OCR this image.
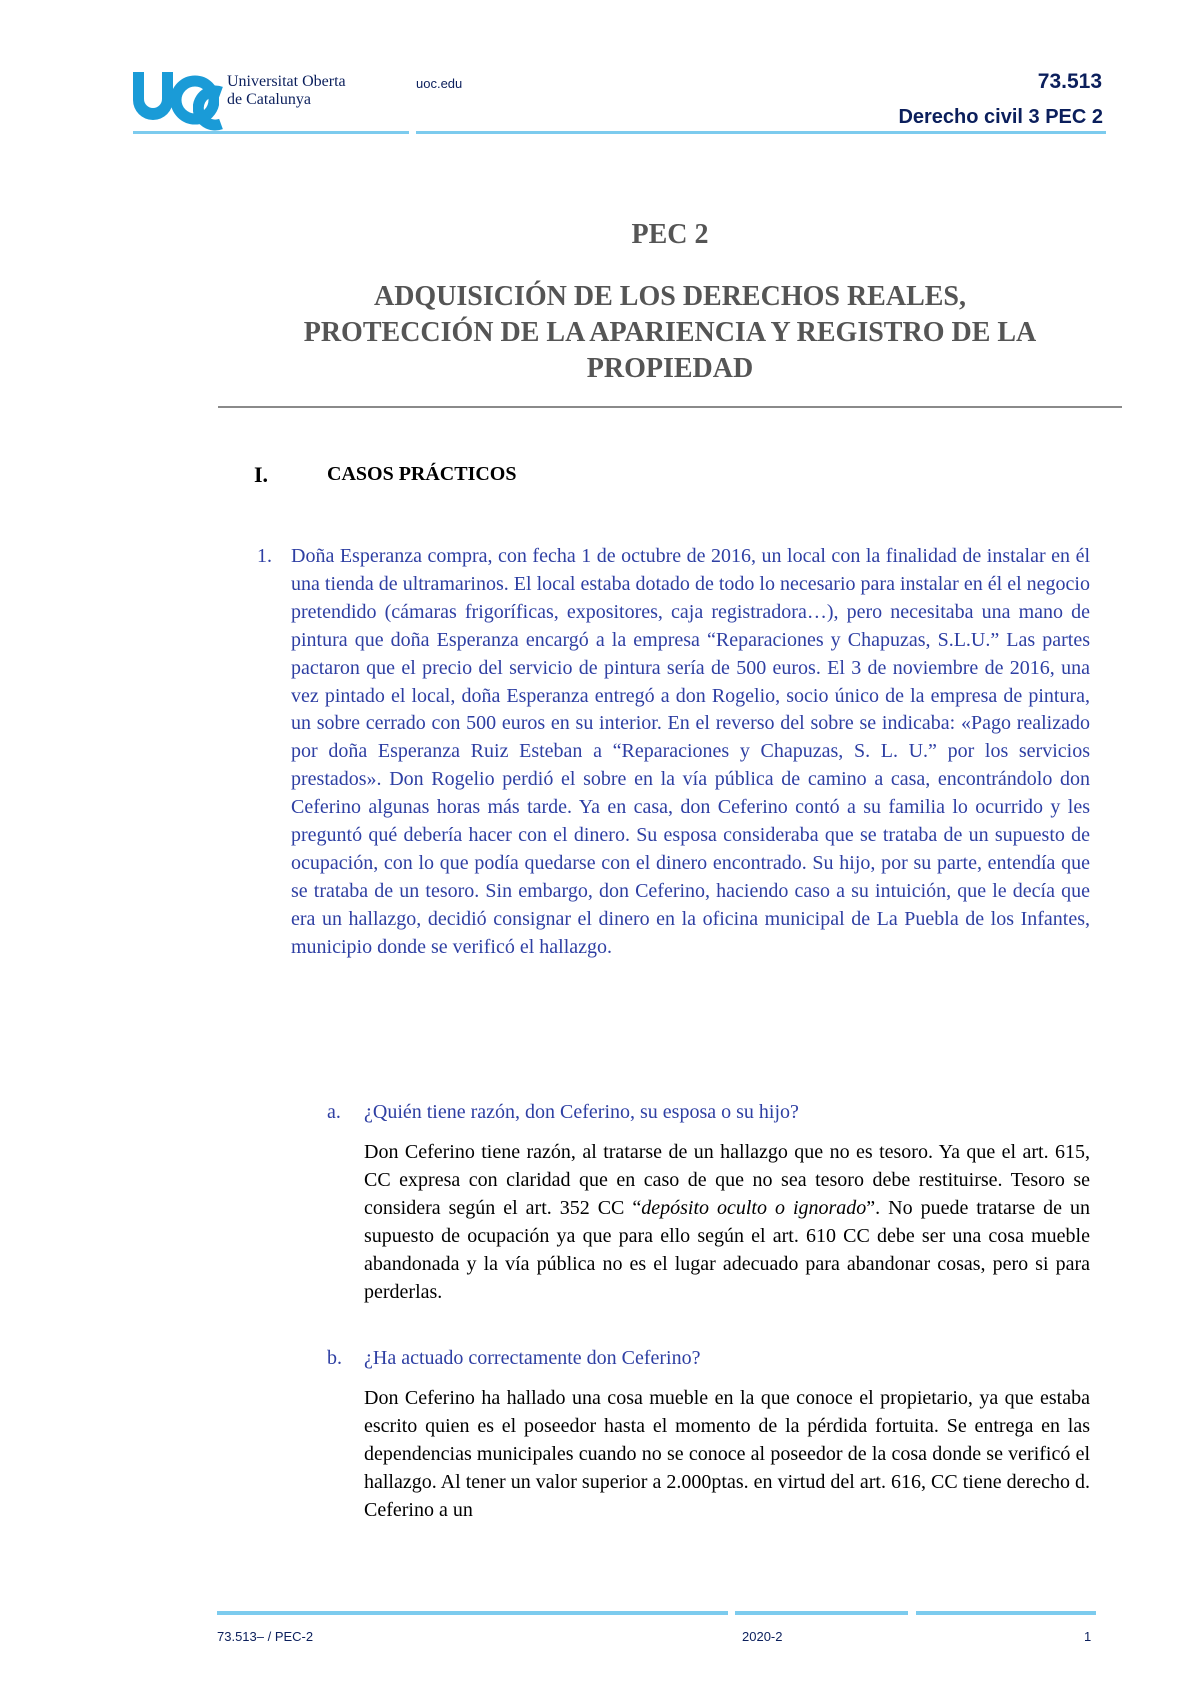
Universitat Oberta
de Catalunya
uoc.edu	73.513
Derecho civil 3 PEC 2
PEC 2
ADQUISICIÓN DE LOS DERECHOS REALES,
PROTECCIÓN DE LA APARIENCIA Y REGISTRO DE LA
PROPIEDAD
I.	CASOS PRÁCTICOS
1. Doña Esperanza compra, con fecha 1 de octubre de 2016, un local con la finalidad de instalar en él una tienda de ultramarinos. El local estaba dotado de todo lo necesario para instalar en él el negocio pretendido (cámaras frigoríficas, expositores, caja registradora…), pero necesitaba una mano de pintura que doña Esperanza encargó a la empresa “Reparaciones y Chapuzas, S.L.U.” Las partes pactaron que el precio del servicio de pintura sería de 500 euros. El 3 de noviembre de 2016, una vez pintado el local, doña Esperanza entregó a don Rogelio, socio único de la empresa de pintura, un sobre cerrado con 500 euros en su interior. En el reverso del sobre se indicaba: «Pago realizado por doña Esperanza Ruiz Esteban a “Reparaciones y Chapuzas, S. L. U.” por los servicios prestados». Don Rogelio perdió el sobre en la vía pública de camino a casa, encontrándolo don Ceferino algunas horas más tarde. Ya en casa, don Ceferino contó a su familia lo ocurrido y les preguntó qué debería hacer con el dinero. Su esposa consideraba que se trataba de un supuesto de ocupación, con lo que podía quedarse con el dinero encontrado. Su hijo, por su parte, entendía que se trataba de un tesoro. Sin embargo, don Ceferino, haciendo caso a su intuición, que le decía que era un hallazgo, decidió consignar el dinero en la oficina municipal de La Puebla de los Infantes, municipio donde se verificó el hallazgo.

a. ¿Quién tiene razón, don Ceferino, su esposa o su hijo?

Don Ceferino tiene razón, al tratarse de un hallazgo que no es tesoro. Ya que el art. 615, CC expresa con claridad que en caso de que no sea tesoro debe restituirse. Tesoro se considera según el art. 352 CC “depósito oculto o ignorado”. No puede tratarse de un supuesto de ocupación ya que para ello según el art. 610 CC debe ser una cosa mueble abandonada y la vía pública no es el lugar adecuado para abandonar cosas, pero si para perderlas.

b. ¿Ha actuado correctamente don Ceferino?

Don Ceferino ha hallado una cosa mueble en la que conoce el propietario, ya que estaba escrito quien es el poseedor hasta el momento de la pérdida fortuita. Se entrega en las dependencias municipales cuando no se conoce al poseedor de la cosa donde se verificó el hallazgo. Al tener un valor superior a 2.000ptas. en virtud del art. 616, CC tiene derecho d. Ceferino a un

73.513– / PEC-2	2020-2	1
